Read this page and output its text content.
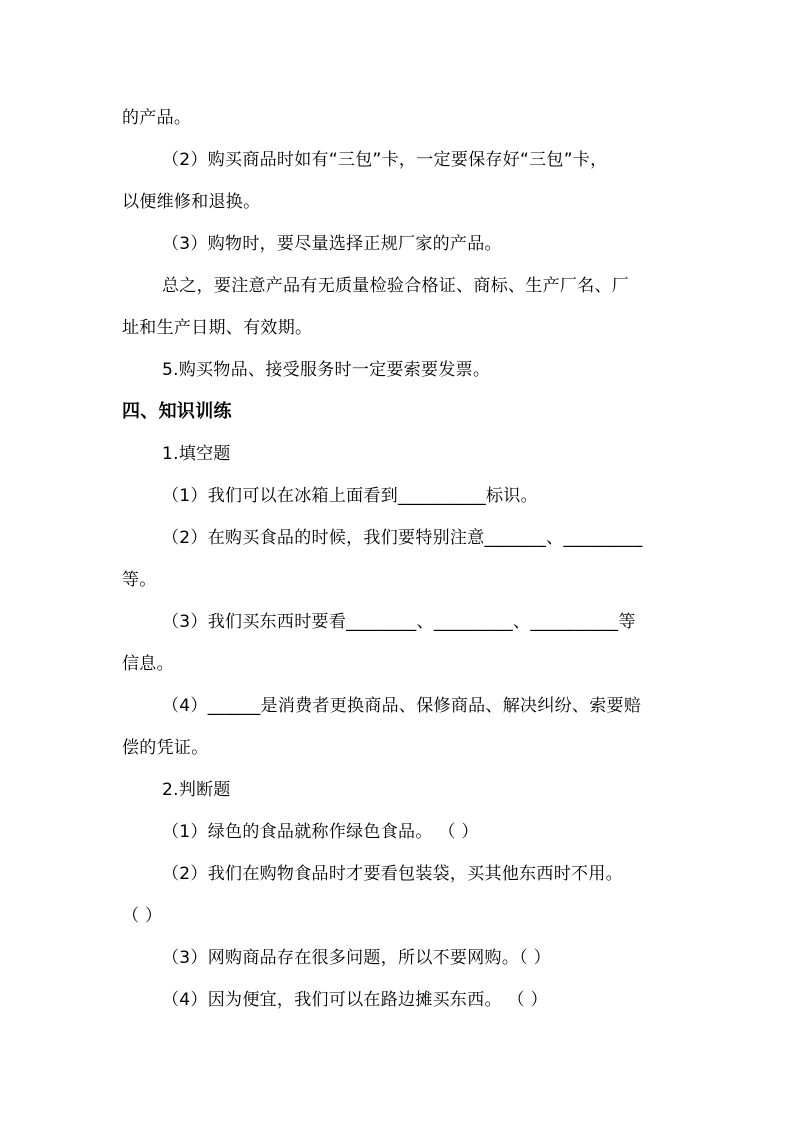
的产品。
（2）购买商品时如有“三包”卡，一定要保存好“三包”卡，
以便维修和退换。
（3）购物时，要尽量选择正规厂家的产品。
总之，要注意产品有无质量检验合格证、商标、生产厂名、厂
址和生产日期、有效期。
5.购买物品、接受服务时一定要索要发票。
四、知识训练
1.填空题
（1）我们可以在冰箱上面看到__________标识。
（2）在购买食品的时候，我们要特别注意_______、_________
等。
（3）我们买东西时要看________、_________、__________等
信息。
（4）______是消费者更换商品、保修商品、解决纠纷、索要赔
偿的凭证。
2.判断题
（1）绿色的食品就称作绿色食品。 （ ）
（2）我们在购物食品时才要看包装袋，买其他东西时不用。
（ ）
（3）网购商品存在很多问题，所以不要网购。（ ）
（4）因为便宜，我们可以在路边摊买东西。 （ ）
